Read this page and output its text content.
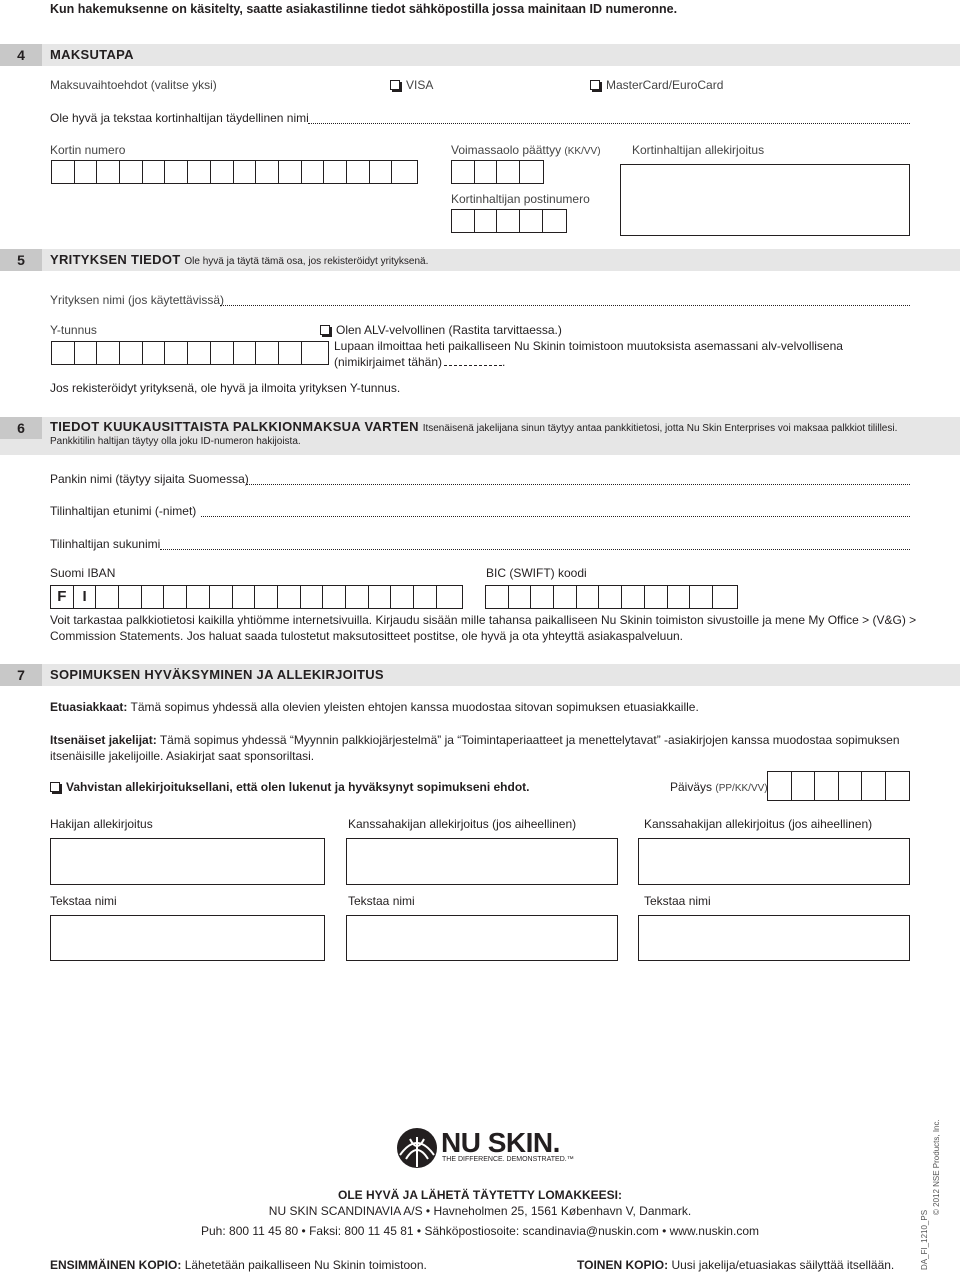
Kun hakemuksenne on käsitelty, saatte asiakastilinne tiedot sähköpostilla jossa mainitaan ID numeronne.
4	MAKSUTAPA
Maksuvaihtoehdot (valitse yksi)	VISA	MasterCard/EuroCard
Ole hyvä ja tekstaa kortinhaltijan täydellinen nimi
Kortin numero	Voimassaolo päättyy (KK/VV)	Kortinhaltijan allekirjoitus
Kortinhaltijan postinumero
5	YRITYKSEN TIEDOT Ole hyvä ja täytä tämä osa, jos rekisteröidyt yrityksenä.
Yrityksen nimi (jos käytettävissä)
Y-tunnus	Olen ALV-velvollinen (Rastita tarvittaessa.)
Lupaan ilmoittaa heti paikalliseen Nu Skinin toimistoon muutoksista asemassani alv-velvollisena
(nimikirjaimet tähän)	.
Jos rekisteröidyt yrityksenä, ole hyvä ja ilmoita yrityksen Y-tunnus.
6	TIEDOT KUUKAUSITTAISTA PALKKIONMAKSUA VARTEN Itsenäisenä jakelijana sinun täytyy antaa pankkitietosi, jotta Nu Skin Enterprises voi maksaa palkkiot tilillesi.
Pankkitilin haltijan täytyy olla joku ID-numeron hakijoista.
Pankin nimi (täytyy sijaita Suomessa)
Tilinhaltijan etunimi (-nimet)
Tilinhaltijan sukunimi
Suomi IBAN	BIC (SWIFT) koodi
F	I
Voit tarkastaa palkkiotietosi kaikilla yhtiömme internetsivuilla. Kirjaudu sisään mille tahansa paikalliseen Nu Skinin toimiston sivustoille ja mene My Office > (V&G) >
Commission Statements. Jos haluat saada tulostetut maksutositteet postitse, ole hyvä ja ota yhteyttä asiakaspalveluun.
7	SOPIMUKSEN HYVÄKSYMINEN JA ALLEKIRJOITUS
Etuasiakkaat: Tämä sopimus yhdessä alla olevien yleisten ehtojen kanssa muodostaa sitovan sopimuksen etuasiakkaille.
Itsenäiset jakelijat: Tämä sopimus yhdessä “Myynnin palkkiojärjestelmä” ja “Toimintaperiaatteet ja menettelytavat” -asiakirjojen kanssa muodostaa sopimuksen
itsenäisille jakelijoille. Asiakirjat saat sponsoriltasi.
Vahvistan allekirjoituksellani, että olen lukenut ja hyväksynyt sopimukseni ehdot.	Päiväys (PP/KK/VV)
Hakijan allekirjoitus	Kanssahakijan allekirjoitus (jos aiheellinen)	Kanssahakijan allekirjoitus (jos aiheellinen)
Tekstaa nimi	Tekstaa nimi	Tekstaa nimi
NU SKIN.
THE DIFFERENCE. DEMONSTRATED.™
OLE HYVÄ JA LÄHETÄ TÄYTETTY LOMAKKEESI:
NU SKIN SCANDINAVIA A/S • Havneholmen 25, 1561 København V, Danmark.
Puh: 800 11 45 80 • Faksi: 800 11 45 81 • Sähköpostiosoite: scandinavia@nuskin.com • www.nuskin.com
ENSIMMÄINEN KOPIO: Lähetetään paikalliseen Nu Skinin toimistoon.	TOINEN KOPIO: Uusi jakelija/etuasiakas säilyttää itsellään.	DA_FI_1210_PS
© 2012 NSE Products, Inc.
